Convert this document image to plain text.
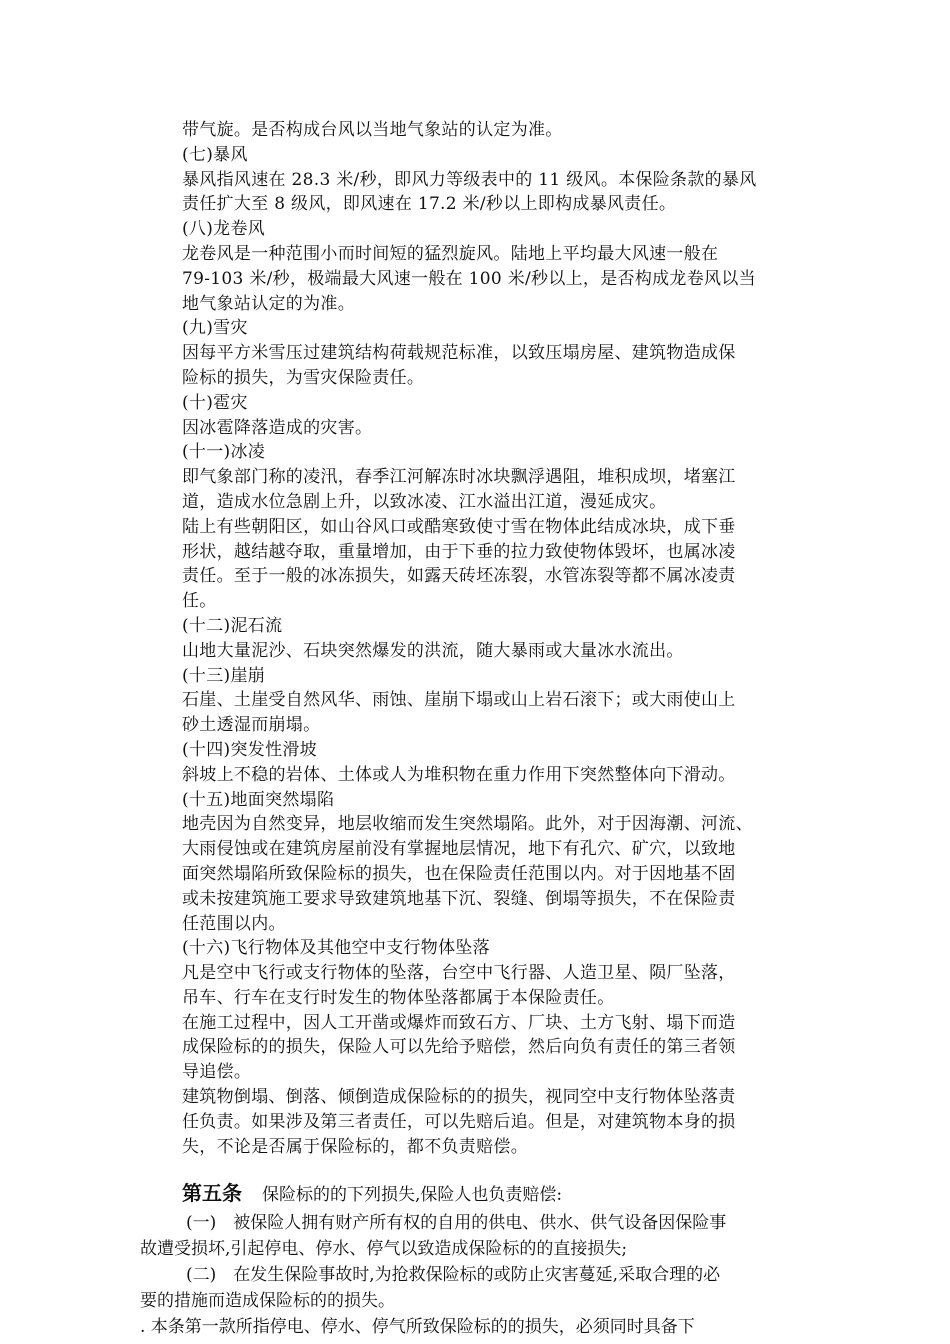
带气旋。是否构成台风以当地气象站的认定为准。
(七)暴风
暴风指风速在 28.3 米/秒，即风力等级表中的 11 级风。本保险条款的暴风
责任扩大至 8 级风，即风速在 17.2 米/秒以上即构成暴风责任。
(八)龙卷风
龙卷风是一种范围小而时间短的猛烈旋风。陆地上平均最大风速一般在
79-103 米/秒，极端最大风速一般在 100 米/秒以上，是否构成龙卷风以当
地气象站认定的为准。
(九)雪灾
因每平方米雪压过建筑结构荷载规范标准，以致压塌房屋、建筑物造成保
险标的损失，为雪灾保险责任。
(十)雹灾
因冰雹降落造成的灾害。
(十一)冰凌
即气象部门称的凌汛，春季江河解冻时冰块飘浮遇阻，堆积成坝，堵塞江
道，造成水位急剧上升，以致冰凌、江水溢出江道，漫延成灾。
陆上有些朝阳区，如山谷风口或酷寒致使寸雪在物体此结成冰块，成下垂
形状，越结越夺取，重量增加，由于下垂的拉力致使物体毁坏，也属冰凌
责任。至于一般的冰冻损失，如露天砖坯冻裂，水管冻裂等都不属冰凌责
任。
(十二)泥石流
山地大量泥沙、石块突然爆发的洪流，随大暴雨或大量冰水流出。
(十三)崖崩
石崖、土崖受自然风华、雨蚀、崖崩下塌或山上岩石滚下；或大雨使山上
砂土透湿而崩塌。
(十四)突发性滑坡
斜坡上不稳的岩体、土体或人为堆积物在重力作用下突然整体向下滑动。
(十五)地面突然塌陷
地壳因为自然变异，地层收缩而发生突然塌陷。此外，对于因海潮、河流、
大雨侵蚀或在建筑房屋前没有掌握地层情况，地下有孔穴、矿穴，以致地
面突然塌陷所致保险标的损失，也在保险责任范围以内。对于因地基不固
或未按建筑施工要求导致建筑地基下沉、裂缝、倒塌等损失，不在保险责
任范围以内。
(十六)飞行物体及其他空中支行物体坠落
凡是空中飞行或支行物体的坠落，台空中飞行器、人造卫星、陨厂坠落，
吊车、行车在支行时发生的物体坠落都属于本保险责任。
在施工过程中，因人工开凿或爆炸而致石方、厂块、土方飞射、塌下而造
成保险标的的损失，保险人可以先给予赔偿，然后向负有责任的第三者领
导追偿。
建筑物倒塌、倒落、倾倒造成保险标的的损失，视同空中支行物体坠落责
任负责。如果涉及第三者责任，可以先赔后追。但是，对建筑物本身的损
失，不论是否属于保险标的，都不负责赔偿。
第五条 保险标的的下列损失,保险人也负责赔偿:
(一)　被保险人拥有财产所有权的自用的供电、供水、供气设备因保险事
故遭受损坏,引起停电、停水、停气以致造成保险标的的直接损失;
(二)　在发生保险事故时,为抢救保险标的或防止灾害蔓延,采取合理的必
要的措施而造成保险标的的损失。
. 本条第一款所指停电、停水、停气所致保险标的的损失，必须同时具备下
